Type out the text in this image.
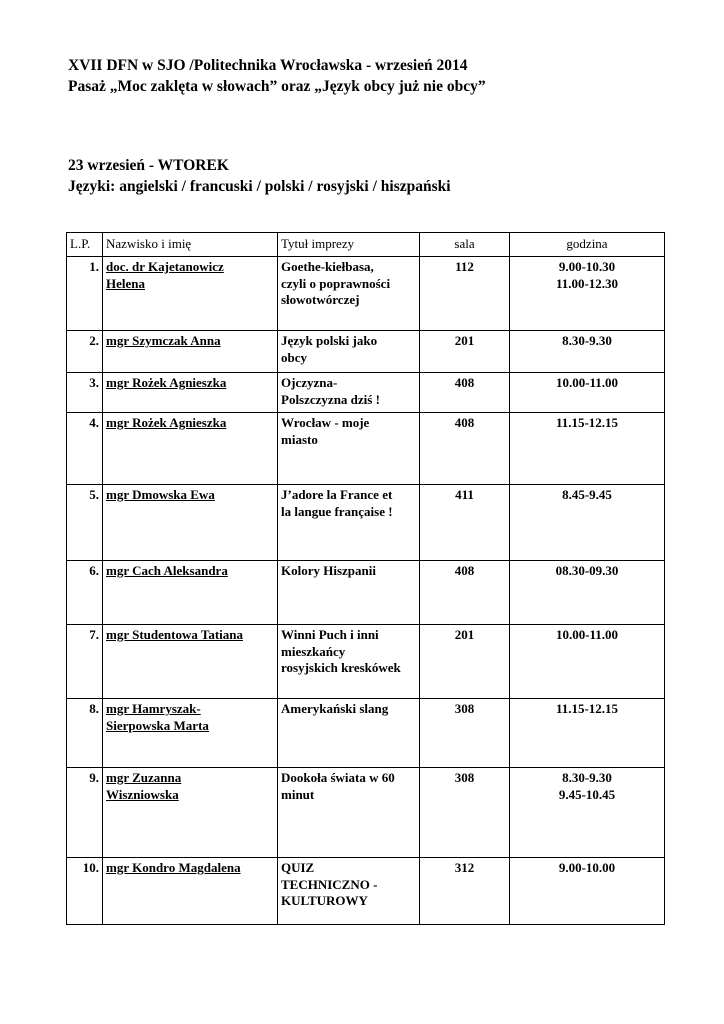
XVII DFN w SJO /Politechnika Wrocławska - wrzesień 2014
Pasaż „Moc zaklęta w słowach” oraz „Język obcy już nie obcy”
23 wrzesień - WTOREK
Języki: angielski / francuski / polski / rosyjski / hiszpański
L.P.	Nazwisko i imię	Tytuł imprezy	sala	godzina
1.	doc. dr Kajetanowicz
Helena	Goethe-kiełbasa,
czyli o poprawności
słowotwórczej	112	9.00-10.30
11.00-12.30
2.	mgr Szymczak Anna	Język polski jako
obcy	201	8.30-9.30
3.	mgr Rożek Agnieszka	Ojczyzna-
Polszczyzna dziś !	408	10.00-11.00
4.	mgr Rożek Agnieszka	Wrocław - moje
miasto	408	11.15-12.15
5.	mgr Dmowska Ewa	J’adore la France et
la langue française !	411	8.45-9.45
6.	mgr Cach Aleksandra	Kolory Hiszpanii	408	08.30-09.30
7.	mgr Studentowa Tatiana	Winni Puch i inni
mieszkańcy
rosyjskich kreskówek	201	10.00-11.00
8.	mgr Hamryszak-
Sierpowska Marta	Amerykański slang	308	11.15-12.15
9.	mgr Zuzanna
Wiszniowska	Dookoła świata w 60
minut	308	8.30-9.30
9.45-10.45
10.	mgr Kondro Magdalena	QUIZ
TECHNICZNO -
KULTUROWY	312	9.00-10.00
